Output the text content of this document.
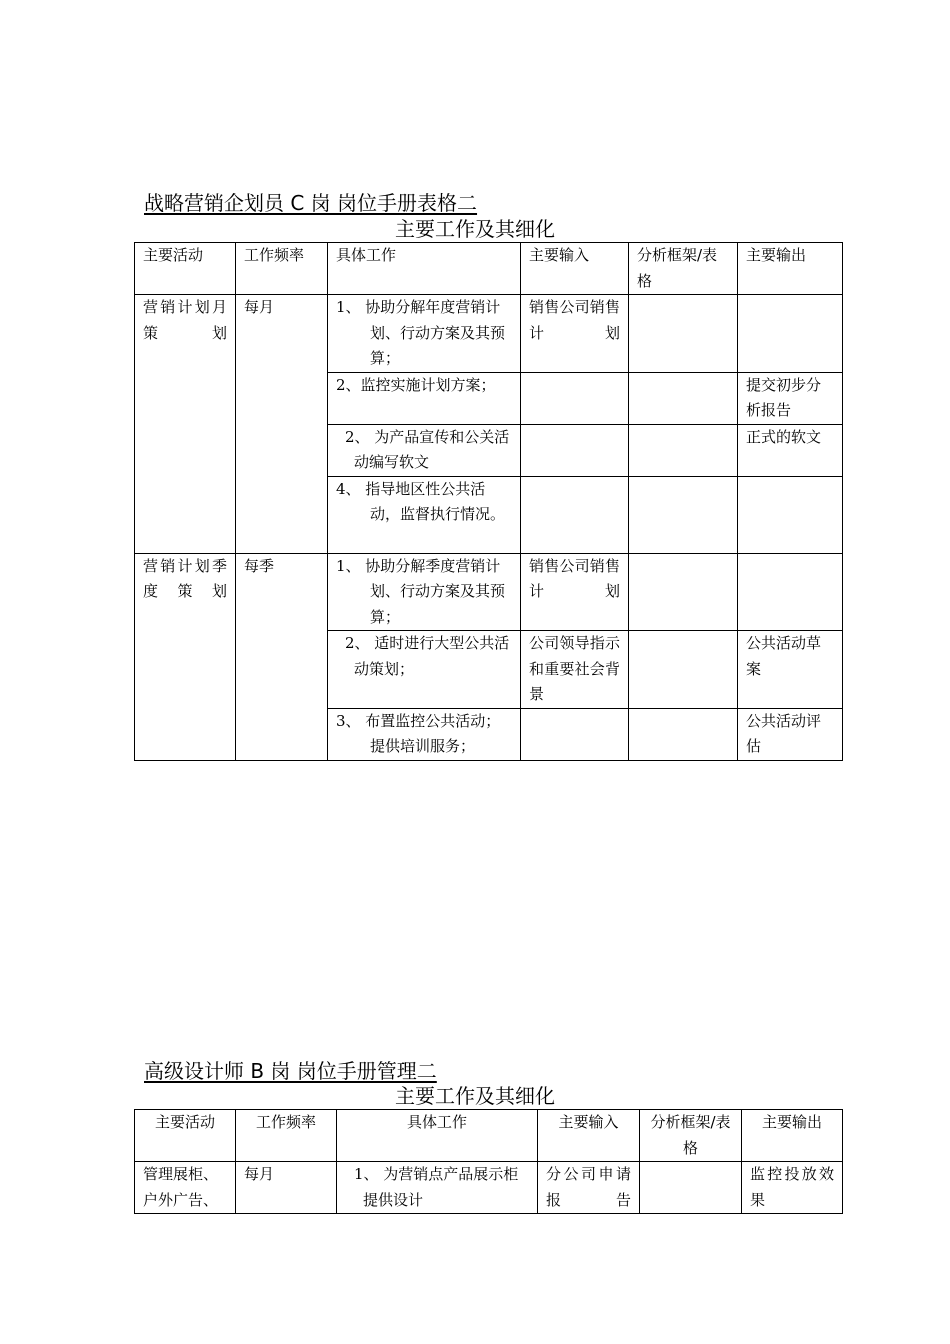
战略营销企划员 C 岗 岗位手册表格二
主要工作及其细化
主要活动	工作频率	具体工作	主要输入	分析框架/表格	主要输出
营销计划月策划	每月	1、 协助分解年度营销计划、行动方案及其预算；	销售公司销售计划		
		2、监控实施计划方案；			提交初步分析报告
		2、 为产品宣传和公关活动编写软文			正式的软文
		4、 指导地区性公共活动，监督执行情况。			
营销计划季度策划	每季	1、 协助分解季度营销计划、行动方案及其预算；	销售公司销售计划		
		2、 适时进行大型公共活动策划；	公司领导指示和重要社会背景		公共活动草案
		3、 布置监控公共活动；提供培训服务；			公共活动评估
高级设计师 B 岗 岗位手册管理二
主要工作及其细化
主要活动	工作频率	具体工作	主要输入	分析框架/表格	主要输出
管理展柜、户外广告、	每月	1、 为营销点产品展示柜提供设计	分公司申请报告		监控投放效果
